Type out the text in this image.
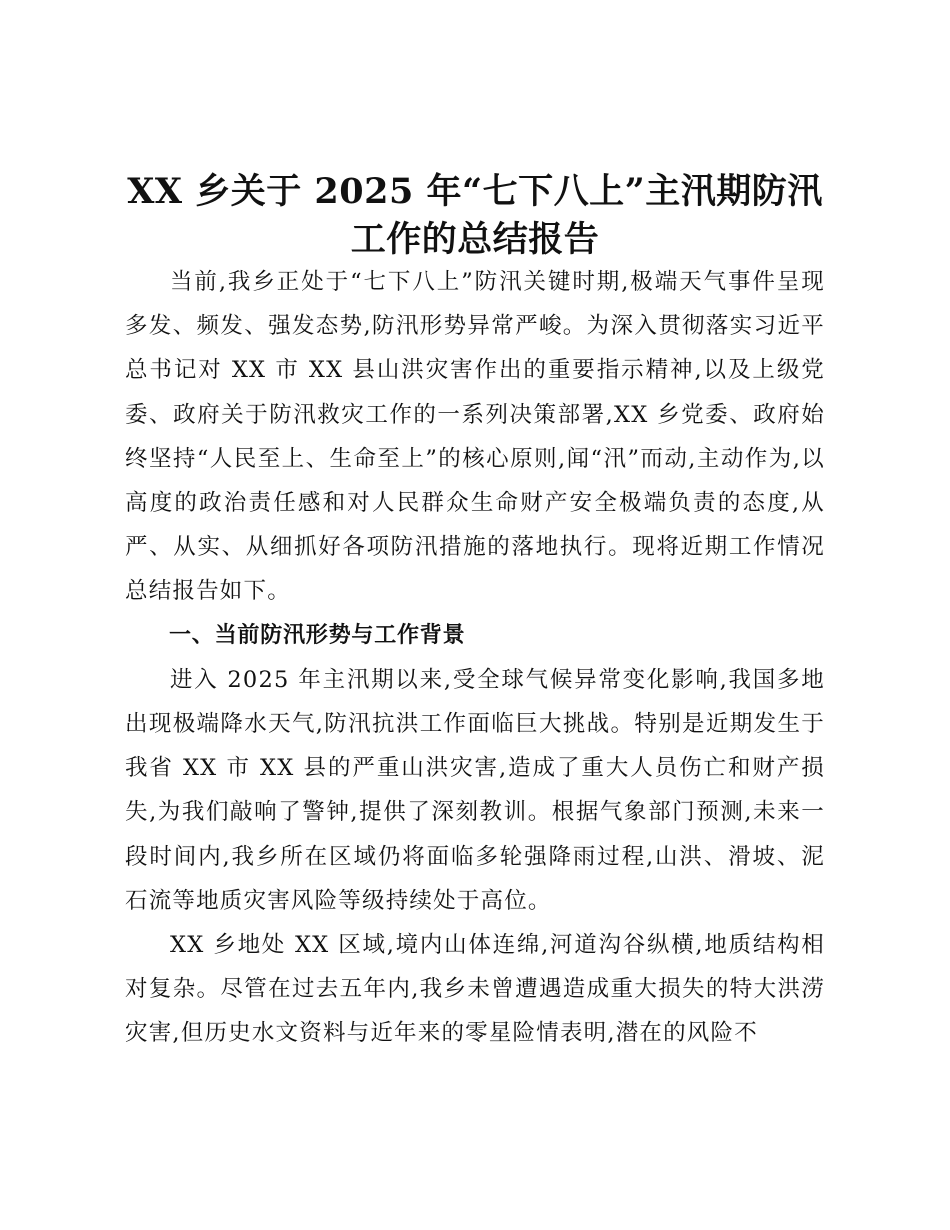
XX 乡关于 2025 年“七下八上”主汛期防汛工作的总结报告

当前,我乡正处于“七下八上”防汛关键时期,极端天气事件呈现多发、频发、强发态势,防汛形势异常严峻。为深入贯彻落实习近平总书记对 XX 市 XX 县山洪灾害作出的重要指示精神,以及上级党委、政府关于防汛救灾工作的一系列决策部署,XX 乡党委、政府始终坚持“人民至上、生命至上”的核心原则,闻“汛”而动,主动作为,以高度的政治责任感和对人民群众生命财产安全极端负责的态度,从严、从实、从细抓好各项防汛措施的落地执行。现将近期工作情况总结报告如下。

一、当前防汛形势与工作背景

进入 2025 年主汛期以来,受全球气候异常变化影响,我国多地出现极端降水天气,防汛抗洪工作面临巨大挑战。特别是近期发生于我省 XX 市 XX 县的严重山洪灾害,造成了重大人员伤亡和财产损失,为我们敲响了警钟,提供了深刻教训。根据气象部门预测,未来一段时间内,我乡所在区域仍将面临多轮强降雨过程,山洪、滑坡、泥石流等地质灾害风险等级持续处于高位。

XX 乡地处 XX 区域,境内山体连绵,河道沟谷纵横,地质结构相对复杂。尽管在过去五年内,我乡未曾遭遇造成重大损失的特大洪涝灾害,但历史水文资料与近年来的零星险情表明,潜在的风险不
